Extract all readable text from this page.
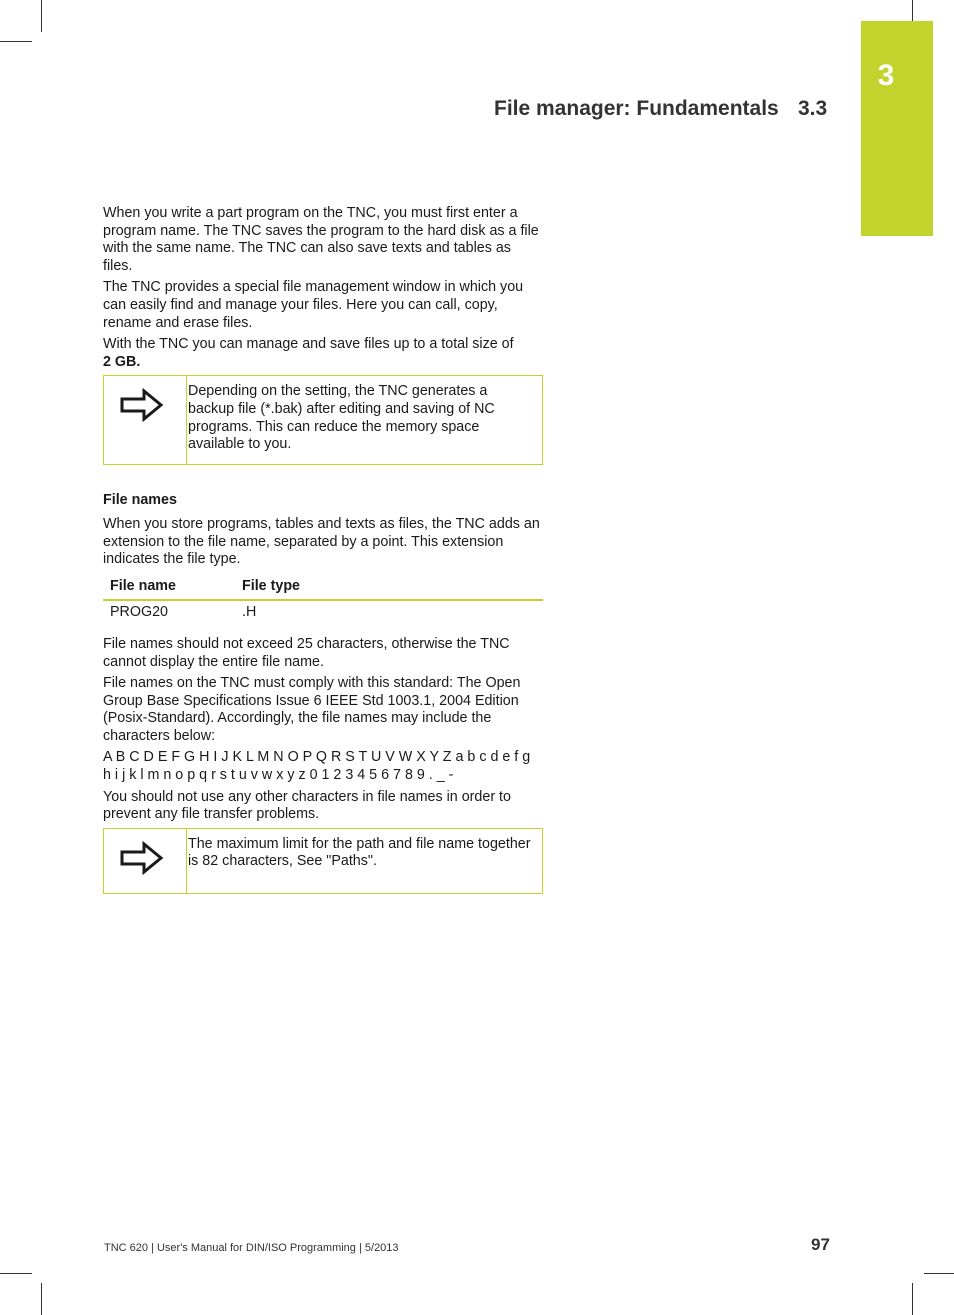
3
File manager: Fundamentals 3.3

When you write a part program on the TNC, you must first enter a program name. The TNC saves the program to the hard disk as a file with the same name. The TNC can also save texts and tables as files.

The TNC provides a special file management window in which you can easily find and manage your files. Here you can call, copy, rename and erase files.

With the TNC you can manage and save files up to a total size of
2 GB.

Depending on the setting, the TNC generates a backup file (*.bak) after editing and saving of NC programs. This can reduce the memory space available to you.
File names

When you store programs, tables and texts as files, the TNC adds an extension to the file name, separated by a point. This extension indicates the file type.

File name	File type
PROG20	.H

File names should not exceed 25 characters, otherwise the TNC cannot display the entire file name.

File names on the TNC must comply with this standard: The Open Group Base Specifications Issue 6 IEEE Std 1003.1, 2004 Edition (Posix-Standard). Accordingly, the file names may include the characters below:

A B C D E F G H I J K L M N O P Q R S T U V W X Y Z a b c d e f g
h i j k l m n o p q r s t u v w x y z 0 1 2 3 4 5 6 7 8 9 . _ -

You should not use any other characters in file names in order to prevent any file transfer problems.

The maximum limit for the path and file name together is 82 characters, See "Paths".
TNC 620 | User's Manual for DIN/ISO Programming | 5/2013	97
